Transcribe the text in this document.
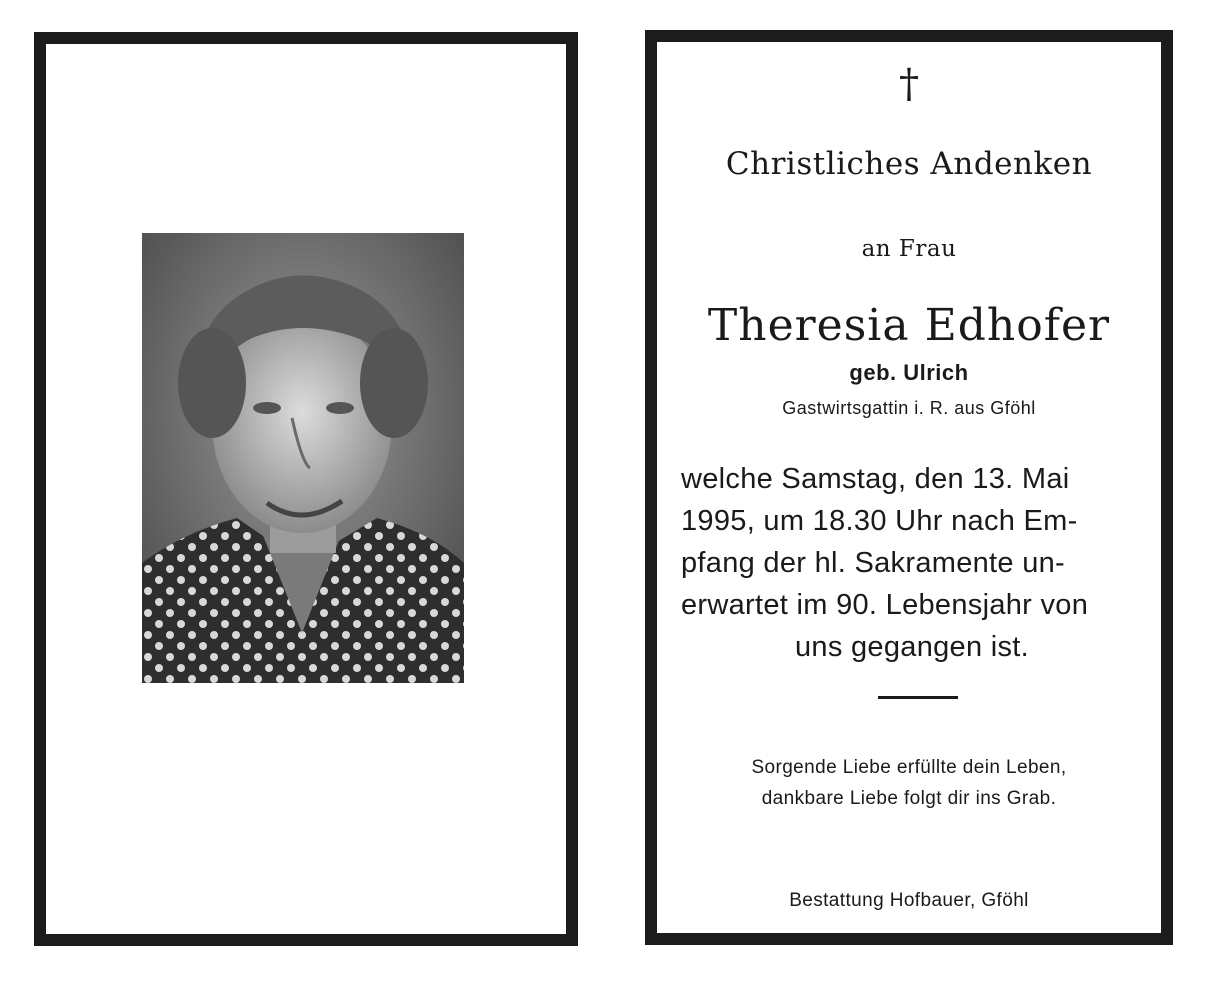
†
Christliches Andenken
an Frau
Theresia Edhofer
geb. Ulrich
Gastwirtsgattin i. R. aus Gföhl
welche Samstag, den 13. Mai
1995, um 18.30 Uhr nach Em-
pfang der hl. Sakramente un-
erwartet im 90. Lebensjahr von
uns gegangen ist.
Sorgende Liebe erfüllte dein Leben,
dankbare Liebe folgt dir ins Grab.
Bestattung Hofbauer, Gföhl
